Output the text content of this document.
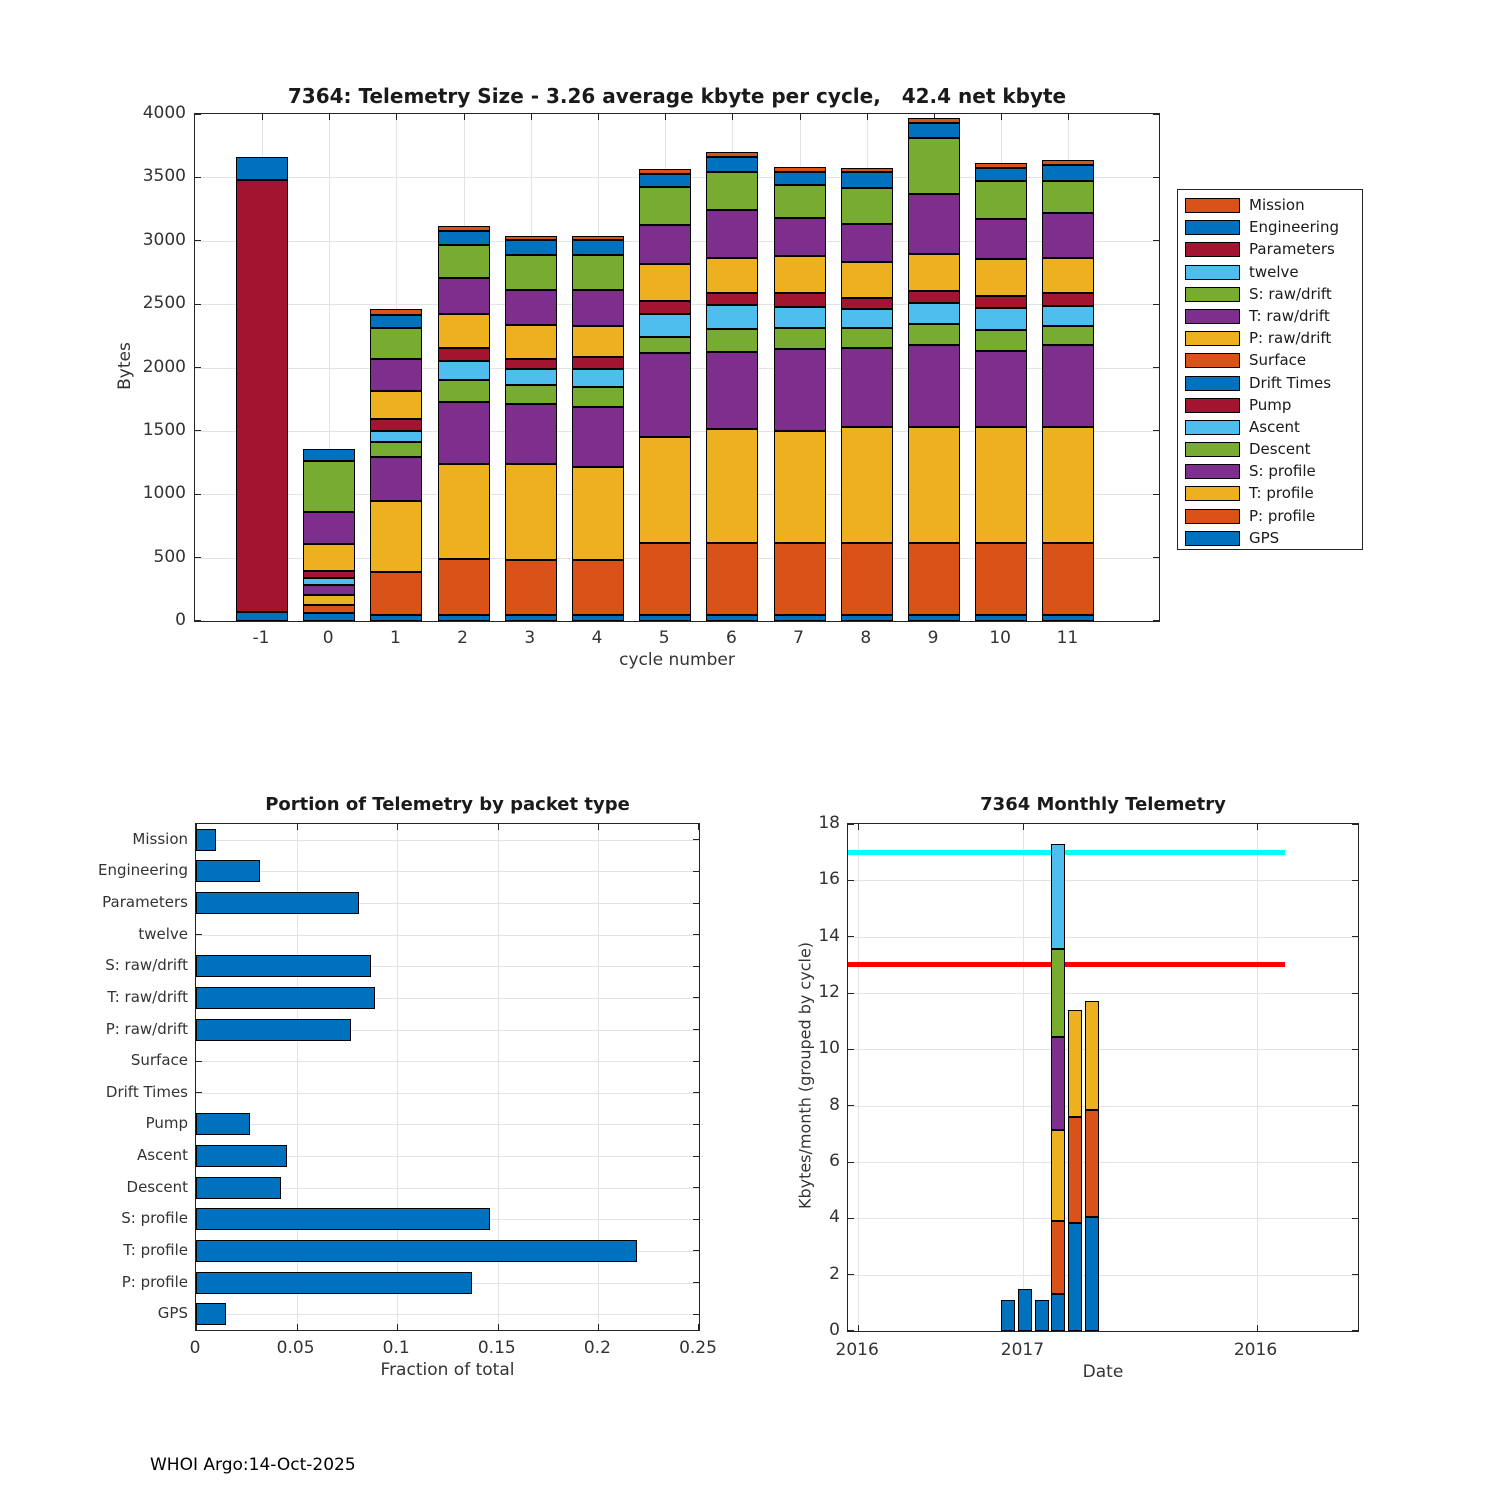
7364: Telemetry Size - 3.26 average kbyte per cycle,   42.4 net kbyte
Bytes
cycle number
Mission
Engineering
Parameters
twelve
S: raw/drift
T: raw/drift
P: raw/drift
Surface
Drift Times
Pump
Ascent
Descent
S: profile
T: profile
P: profile
GPS
Portion of Telemetry by packet type
Fraction of total
7364 Monthly Telemetry
Kbytes/month (grouped by cycle)
Date
WHOI Argo:14-Oct-2025
0
500
1000
1500
2000
2500
3000
3500
4000
-1	0	1	2	3	4	5	6	7	8	9	10	11
0	0.05	0.1	0.15	0.2	0.25
Mission
Engineering
Parameters
twelve
S: raw/drift
T: raw/drift
P: raw/drift
Surface
Drift Times
Pump
Ascent
Descent
S: profile
T: profile
P: profile
GPS
0
2
4
6
8
10
12
14
16
18
2016	2017	2016
